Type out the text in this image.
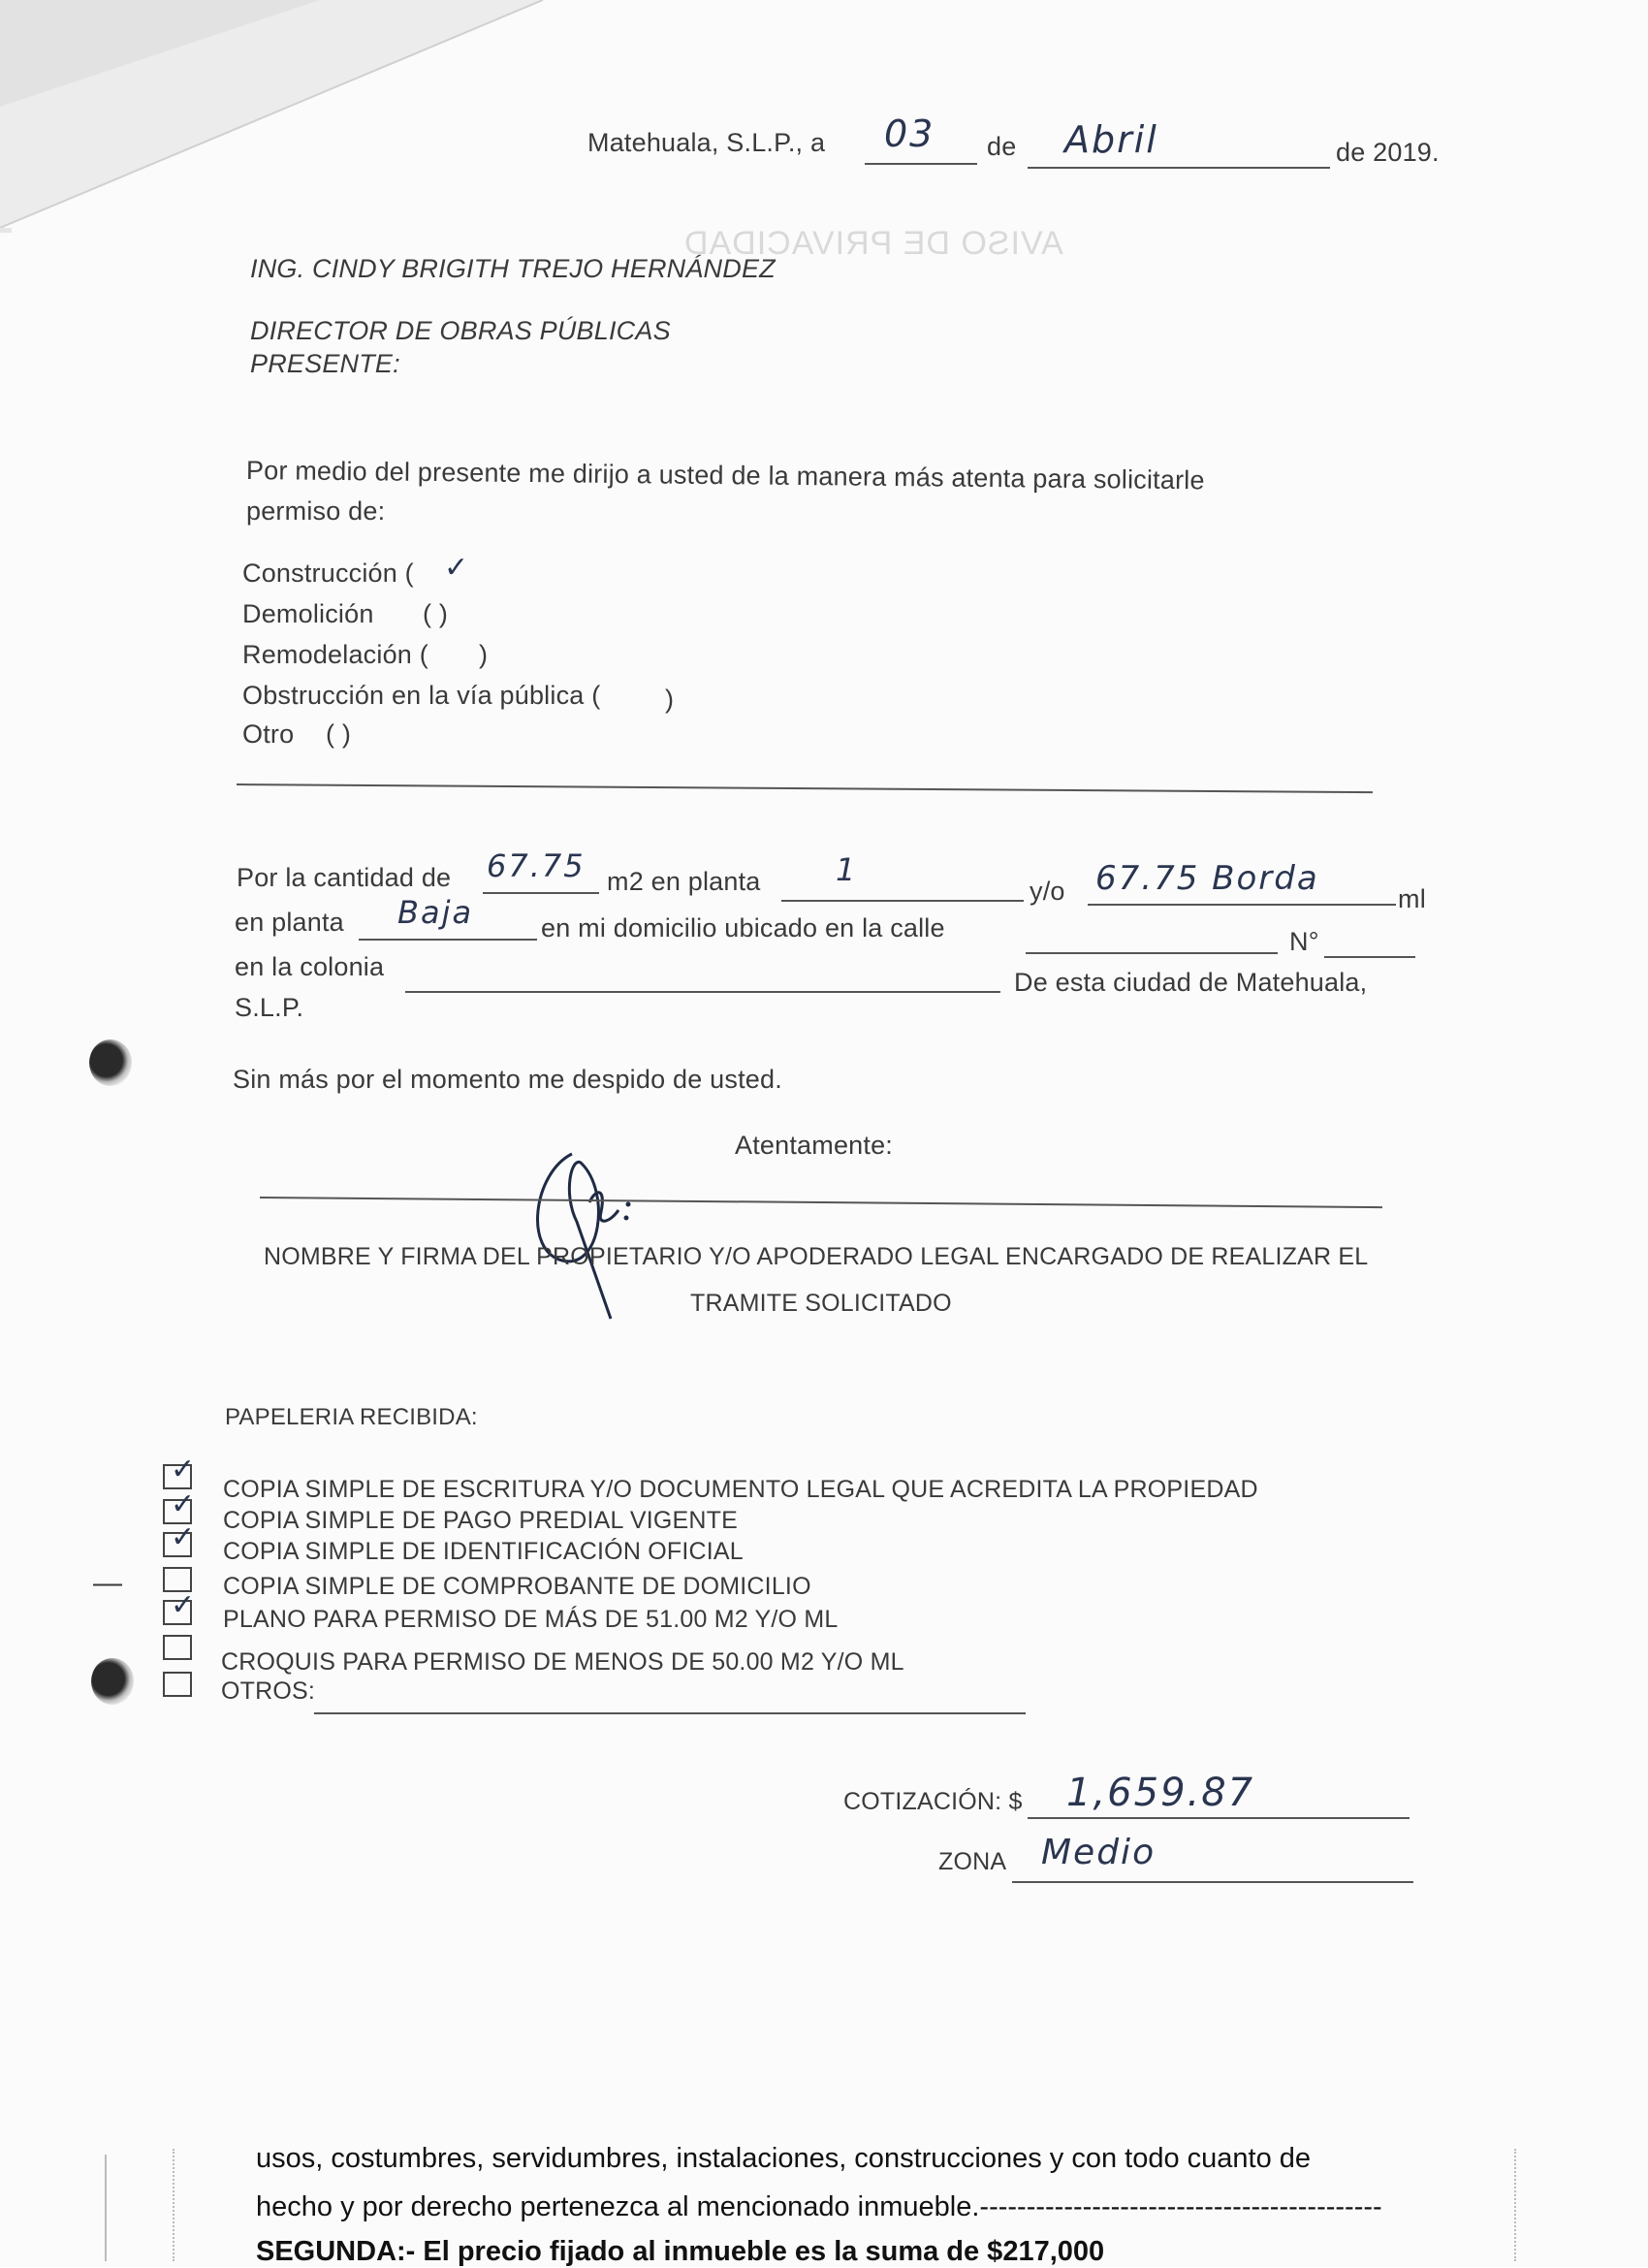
AVISO DE PRIVACIDAD
Matehuala, S.L.P., a 03 de Abril	de 2019.
ING. CINDY BRIGITH TREJO HERNÁNDEZ
DIRECTOR DE OBRAS PÚBLICAS
PRESENTE:
Por medio del presente me dirijo a usted de la manera más atenta para solicitarle
permiso de:
Construcción ( ✓
Demolición ( )
Remodelación ( )
Obstrucción en la vía pública ( )
Otro ( )
Por la cantidad de 67.75 m2 en planta 1
y/o 67.75 Borda
ml
en planta Baja	en mi domicilio ubicado en la calle	N°
en la colonia
De esta ciudad de Matehuala,
S.L.P.
Sin más por el momento me despido de usted.
Atentamente:
NOMBRE Y FIRMA DEL PROPIETARIO Y/O APODERADO LEGAL ENCARGADO DE REALIZAR EL
TRAMITE SOLICITADO
PAPELERIA RECIBIDA:
—
✓
COPIA SIMPLE DE ESCRITURA Y/O DOCUMENTO LEGAL QUE ACREDITA LA PROPIEDAD
✓ COPIA SIMPLE DE PAGO PREDIAL VIGENTE
✓ COPIA SIMPLE DE IDENTIFICACIÓN OFICIAL
COPIA SIMPLE DE COMPROBANTE DE DOMICILIO
✓ PLANO PARA PERMISO DE MÁS DE 51.00 M2 Y/O ML
CROQUIS PARA PERMISO DE MENOS DE 50.00 M2 Y/O ML
OTROS:
COTIZACIÓN: $ 1,659.87
ZONA Medio
usos, costumbres, servidumbres, instalaciones, construcciones y con todo cuanto de
hecho y por derecho pertenezca al mencionado inmueble.-------------------------------------------
SEGUNDA:- El precio fijado al inmueble es la suma de $217,000
